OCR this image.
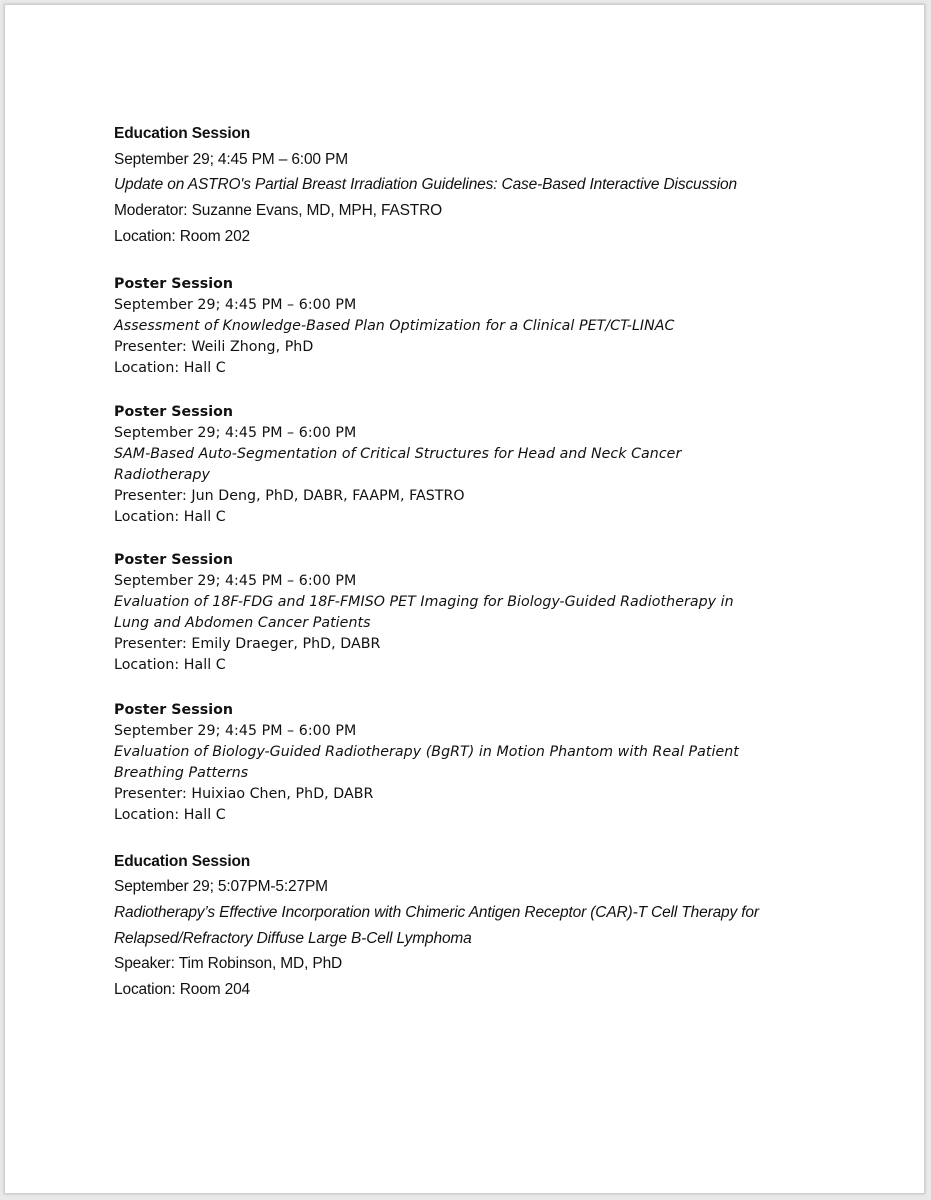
Education Session
September 29; 4:45 PM – 6:00 PM
Update on ASTRO's Partial Breast Irradiation Guidelines: Case-Based Interactive Discussion
Moderator: Suzanne Evans, MD, MPH, FASTRO
Location: Room 202
Poster Session
September 29; 4:45 PM – 6:00 PM
Assessment of Knowledge-Based Plan Optimization for a Clinical PET/CT-LINAC
Presenter: Weili Zhong, PhD
Location: Hall C
Poster Session
September 29; 4:45 PM – 6:00 PM
SAM-Based Auto-Segmentation of Critical Structures for Head and Neck Cancer
Radiotherapy
Presenter: Jun Deng, PhD, DABR, FAAPM, FASTRO
Location: Hall C
Poster Session
September 29; 4:45 PM – 6:00 PM
Evaluation of 18F-FDG and 18F-FMISO PET Imaging for Biology-Guided Radiotherapy in
Lung and Abdomen Cancer Patients
Presenter: Emily Draeger, PhD, DABR
Location: Hall C
Poster Session
September 29; 4:45 PM – 6:00 PM
Evaluation of Biology-Guided Radiotherapy (BgRT) in Motion Phantom with Real Patient
Breathing Patterns
Presenter: Huixiao Chen, PhD, DABR
Location: Hall C
Education Session
September 29; 5:07PM-5:27PM
Radiotherapy’s Effective Incorporation with Chimeric Antigen Receptor (CAR)-T Cell Therapy for
Relapsed/Refractory Diffuse Large B-Cell Lymphoma
Speaker: Tim Robinson, MD, PhD
Location: Room 204
